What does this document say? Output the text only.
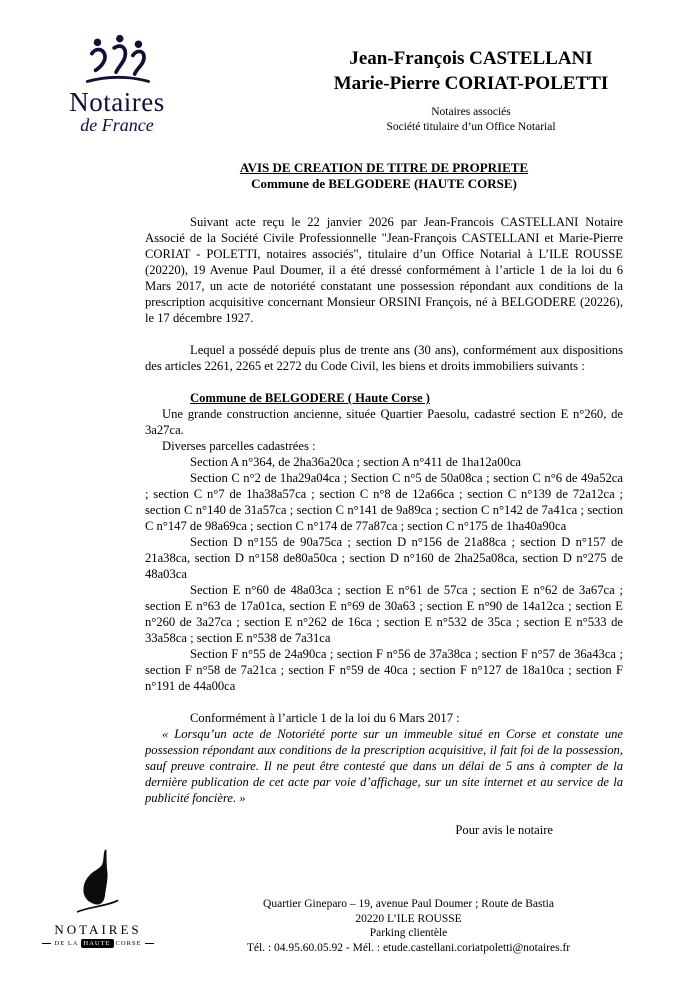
Notaires
de France
Jean-François CASTELLANI
Marie-Pierre CORIAT-POLETTI
Notaires associés
Société titulaire d’un Office Notarial
AVIS DE CREATION DE TITRE DE PROPRIETE
Commune de BELGODERE (HAUTE CORSE)

Suivant acte reçu le 22 janvier 2026 par Jean-Francois CASTELLANI Notaire Associé de la Société Civile Professionnelle "Jean-François CASTELLANI et Marie-Pierre CORIAT - POLETTI, notaires associés", titulaire d’un Office Notarial à L’ILE ROUSSE (20220), 19 Avenue Paul Doumer, il a été dressé conformément à l’article 1 de la loi du 6 Mars 2017, un acte de notoriété constatant une possession répondant aux conditions de la prescription acquisitive concernant Monsieur ORSINI François, né à BELGODERE (20226), le 17 décembre 1927.

Lequel a possédé depuis plus de trente ans (30 ans), conformément aux dispositions des articles 2261, 2265 et 2272 du Code Civil, les biens et droits immobiliers suivants :

Commune de BELGODERE ( Haute Corse )

Une grande construction ancienne, située Quartier Paesolu, cadastré section E n°260, de 3a27ca.

Diverses parcelles cadastrées :

Section A n°364, de 2ha36a20ca ; section A n°411 de 1ha12a00ca

Section C n°2 de 1ha29a04ca ; Section C n°5 de 50a08ca ; section C n°6 de 49a52ca ; section C n°7 de 1ha38a57ca ; section C n°8 de 12a66ca ; section C n°139 de 72a12ca ; section C n°140 de 31a57ca ; section C n°141 de 9a89ca ; section C n°142 de 7a41ca ; section C n°147 de 98a69ca ; section C n°174 de 77a87ca ; section C n°175 de 1ha40a90ca

Section D n°155 de 90a75ca ; section D n°156 de 21a88ca ; section D n°157 de 21a38ca, section D n°158 de80a50ca ; section D n°160 de 2ha25a08ca, section D n°275 de 48a03ca

Section E n°60 de 48a03ca ; section E n°61 de 57ca ; section E n°62 de 3a67ca ; section E n°63 de 17a01ca, section E n°69 de 30a63 ; section E n°90 de 14a12ca ; section E n°260 de 3a27ca ; section E n°262 de 16ca ; section E n°532 de 35ca ; section E n°533 de 33a58ca ; section E n°538 de 7a31ca

Section F n°55 de 24a90ca ; section F n°56 de 37a38ca ; section F n°57 de 36a43ca ; section F n°58 de 7a21ca ; section F n°59 de 40ca ; section F n°127 de 18a10ca ; section F n°191 de 44a00ca

Conformément à l’article 1 de la loi du 6 Mars 2017 :

« Lorsqu’un acte de Notoriété porte sur un immeuble situé en Corse et constate une possession répondant aux conditions de la prescription acquisitive, il fait foi de la possession, sauf preuve contraire. Il ne peut être contesté que dans un délai de 5 ans à compter de la dernière publication de cet acte par voie d’affichage, sur un site internet et au service de la publicité foncière. »

Pour avis le notaire

NOTAIRES
DE LA HAUTE CORSE
Quartier Gineparo – 19, avenue Paul Doumer ; Route de Bastia
20220 L’ILE ROUSSE
Parking clientèle
Tél. : 04.95.60.05.92 - Mél. : etude.castellani.coriatpoletti@notaires.fr
